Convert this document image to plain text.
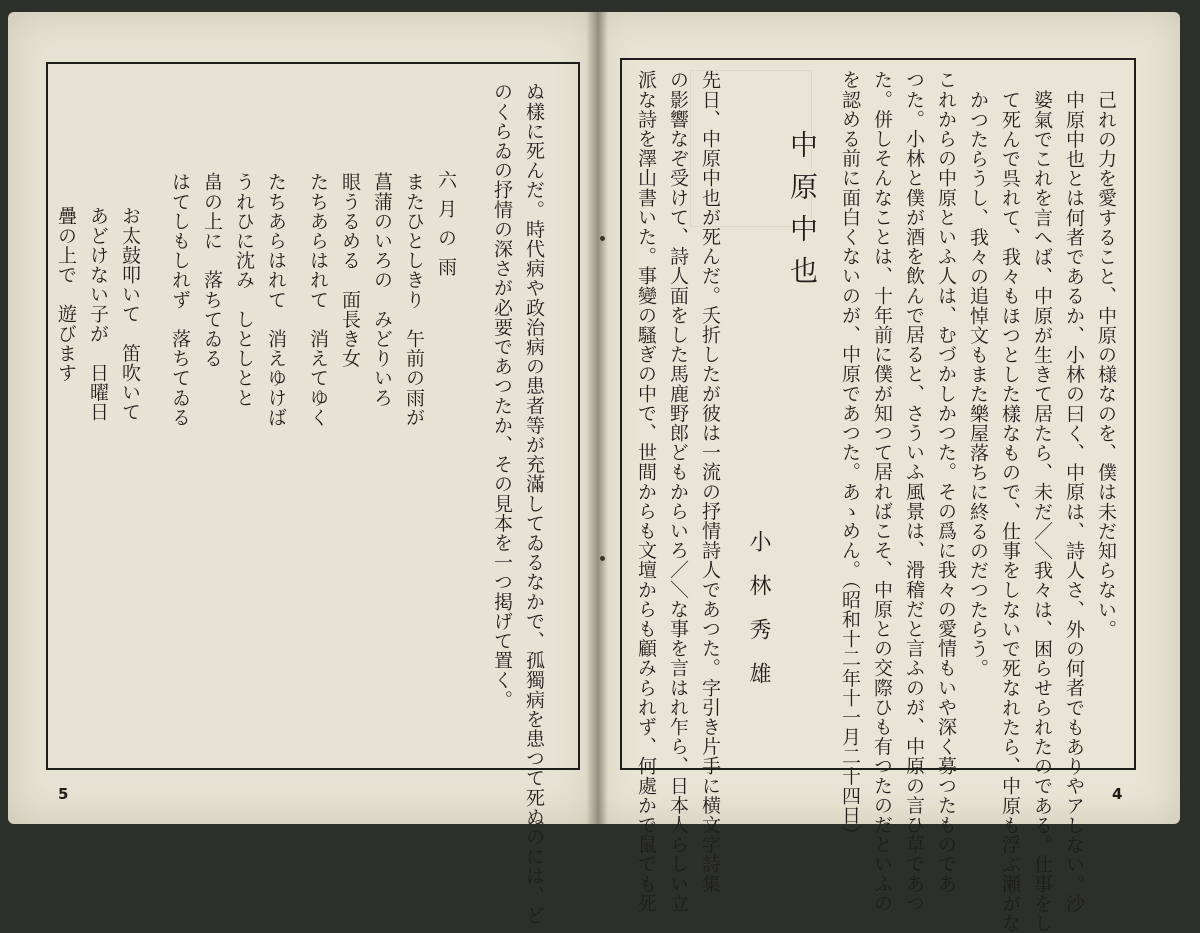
己れの力を愛すること、中原の様なのを、僕は未だ知らない。
中原中也とは何者であるか、小林の曰く、中原は、詩人さ、外の何者でもありやアしない。沙
婆氣でこれを言へば、中原が生きて居たら、未だ／＼我々は、困らせられたのである。仕事をし
て死んで呉れて、我々もほつとした樣なもので、仕事をしないで死なれたら、中原も浮ぶ瀬がな
かつたらうし、我々の追悼文もまた樂屋落ちに終るのだつたらう。
これからの中原といふ人は、むづかしかつた。その爲に我々の愛情もいや深く募つたものであ
つた。小林と僕が酒を飲んで居ると、さういふ風景は、滑稽だと言ふのが、中原の言ひ草であつ
た。併しそんなことは、十年前に僕が知つて居ればこそ、中原との交際ひも有つたのだといふの
を認める前に面白くないのが、中原であつた。あゝめん。（昭和十二年十一月二十四日）
中原中也
小林秀雄
先日、中原中也が死んだ。夭折したが彼は一流の抒情詩人であつた。字引き片手に横文字詩集
の影響なぞ受けて、詩人面をした馬鹿野郎どもからいろ／＼な事を言はれ乍ら、日本人らしい立
派な詩を澤山書いた。事變の騷ぎの中で、世間からも文壇からも顧みられず、何處かで鼠でも死	4
ぬ樣に死んだ。時代病や政治病の患者等が充滿してゐるなかで、孤獨病を患つて死ぬのには、ど
のくらゐの抒情の深さが必要であつたか、その見本を一つ掲げて置く。
六月の雨
またひとしきり　午前の雨が
菖蒲のいろの　みどりいろ
眼うるめる　面長き女
たちあらはれて　消えてゆく
たちあらはれて　消えゆけば
うれひに沈み　しとしとと
畠の上に　落ちてゐる
はてしもしれず　落ちてゐる
お太鼓叩いて　笛吹いて
あどけない子が　日曜日
疊の上で　遊びます
5
